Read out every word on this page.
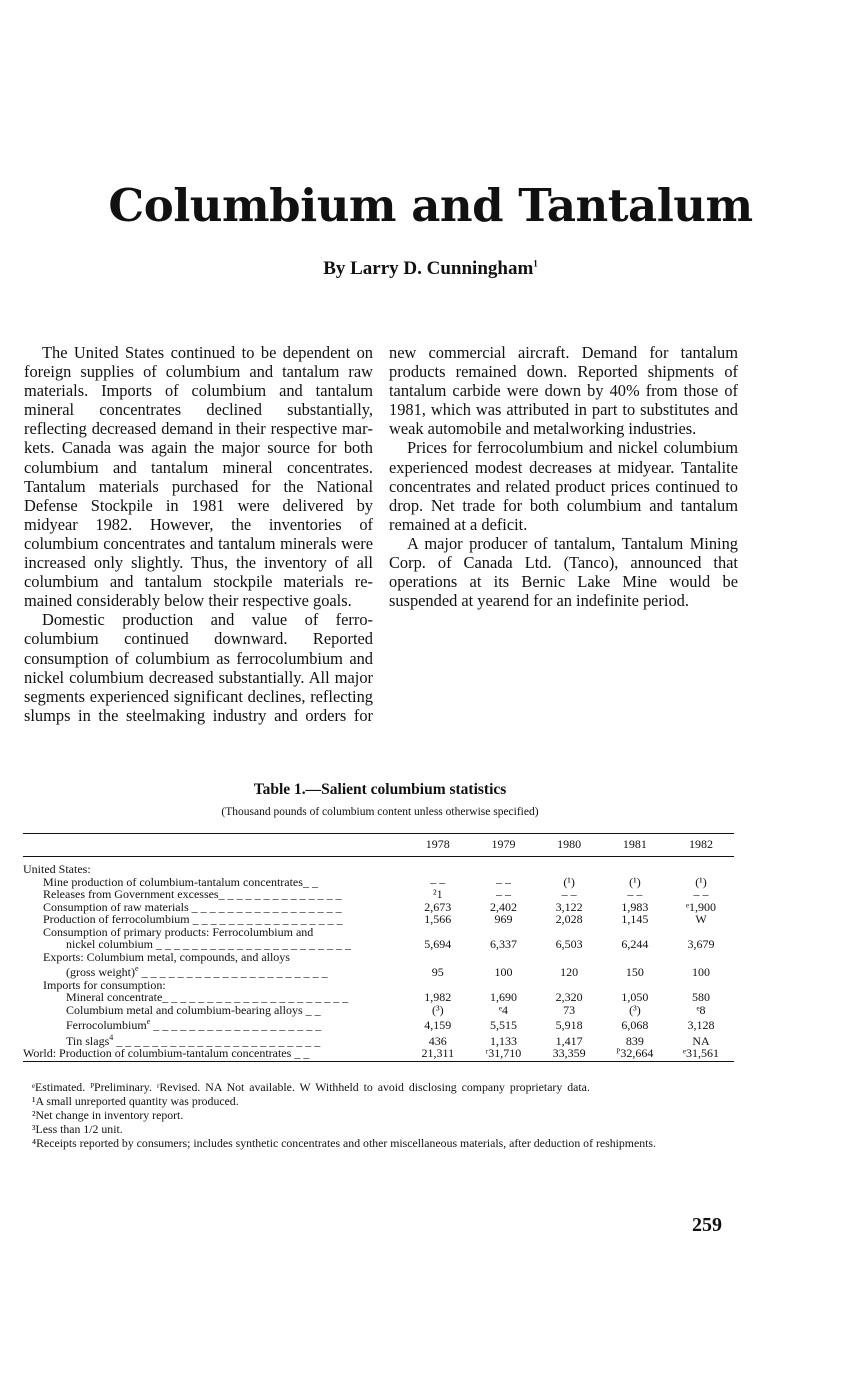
Columbium and Tantalum
By Larry D. Cunningham$^1$

The United States continued to be dependent on foreign supplies of columbium and tantalum raw materials. Imports of columbium and tantalum mineral concentrates declined substantially, reflecting decreased demand in their respective markets. Canada was again the major source for both columbium and tantalum mineral concentrates. Tantalum materials purchased for the National Defense Stockpile in 1981 were delivered by midyear 1982. However, the inventories of columbium concentrates and tantalum minerals were increased only slightly. Thus, the inventory of all columbium and tantalum stockpile materials remained considerably below their respective goals.

Domestic production and value of ferrocolumbium continued downward. Reported consumption of columbium as ferrocolumbium and nickel columbium decreased substantially. All major segments experienced significant declines, reflecting slumps in the steelmaking industry and orders for new commercial aircraft. Demand for tantalum products remained down. Reported shipments of tantalum carbide were down by 40% from those of 1981, which was attributed in part to substitutes and weak automobile and metalworking industries.

Prices for ferrocolumbium and nickel columbium experienced modest decreases at midyear. Tantalite concentrates and related product prices continued to drop. Net trade for both columbium and tantalum remained at a deficit.

A major producer of tantalum, Tantalum Mining Corp. of Canada Ltd. (Tanco), announced that operations at its Bernic Lake Mine would be suspended at yearend for an indefinite period.

Table 1.—Salient columbium statistics
(Thousand pounds of columbium content unless otherwise specified)
	1978	1979	1980	1981	1982

United States:					
Mine production of columbium-tantalum concentrates_ _	– –	– –	(¹)	(¹)	(¹)
Releases from Government excesses_ _ _ _ _ _ _ _ _ _ _ _ _ _	²1	– –	– –	– –	– –
Consumption of raw materials _ _ _ _ _ _ _ _ _ _ _ _ _ _ _ _ _	2,673	2,402	3,122	1,983	ᵉ1,900
Production of ferrocolumbium _ _ _ _ _ _ _ _ _ _ _ _ _ _ _ _ _	1,566	969	2,028	1,145	W
Consumption of primary products: Ferrocolumbium and					
nickel columbium _ _ _ _ _ _ _ _ _ _ _ _ _ _ _ _ _ _ _ _ _ _	5,694	6,337	6,503	6,244	3,679
Exports: Columbium metal, compounds, and alloys					
(gross weight)$^e$ _ _ _ _ _ _ _ _ _ _ _ _ _ _ _ _ _ _ _ _ _	95	100	120	150	100
Imports for consumption:					
Mineral concentrate_ _ _ _ _ _ _ _ _ _ _ _ _ _ _ _ _ _ _ _ _	1,982	1,690	2,320	1,050	580
Columbium metal and columbium-bearing alloys _ _	(³)	ᵉ4	73	(³)	ᵉ8
Ferrocolumbium$^e$ _ _ _ _ _ _ _ _ _ _ _ _ _ _ _ _ _ _ _	4,159	5,515	5,918	6,068	3,128
Tin slags$^4$ _ _ _ _ _ _ _ _ _ _ _ _ _ _ _ _ _ _ _ _ _ _ _	436	1,133	1,417	839	NA
World: Production of columbium-tantalum concentrates _ _	21,311	ʳ31,710	33,359	ᴾ32,664	ᵉ31,561

ᵉEstimated. ᴾPreliminary. ʳRevised. NA Not available. W Withheld to avoid disclosing company proprietary data.

¹A small unreported quantity was produced.

²Net change in inventory report.

³Less than 1/2 unit.

⁴Receipts reported by consumers; includes synthetic concentrates and other miscellaneous materials, after deduction of reshipments.

259
